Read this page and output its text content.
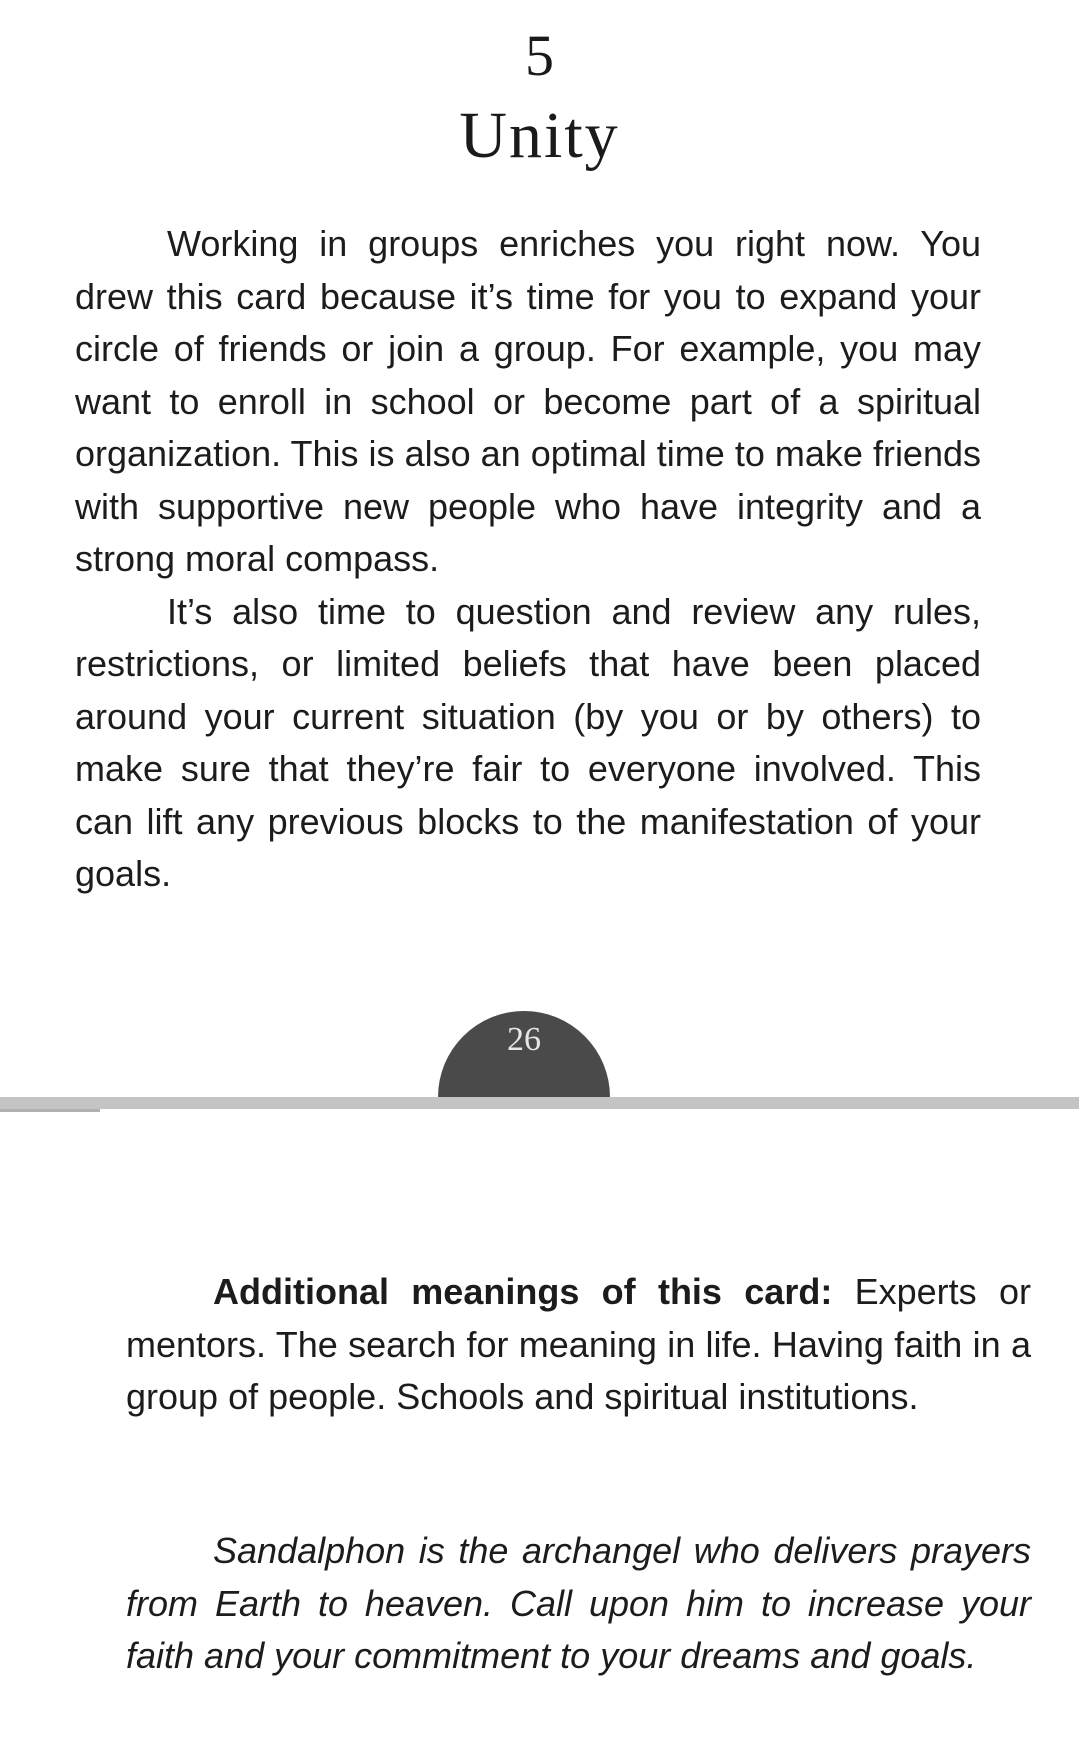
5
Unity

Working in groups enriches you right now. You drew this card because it’s time for you to expand your circle of friends or join a group. For example, you may want to enroll in school or become part of a spiritual organization. This is also an optimal time to make friends with supportive new people who have integrity and a strong moral compass.

It’s also time to question and review any rules, restrictions, or limited beliefs that have been placed around your current situation (by you or by others) to make sure that they’re fair to everyone involved. This can lift any previous blocks to the manifestation of your goals.

26

Additional meanings of this card: Experts or mentors. The search for meaning in life. Having faith in a group of people. Schools and spiritual institutions.

Sandalphon is the archangel who delivers prayers from Earth to heaven. Call upon him to increase your faith and your commitment to your dreams and goals.
